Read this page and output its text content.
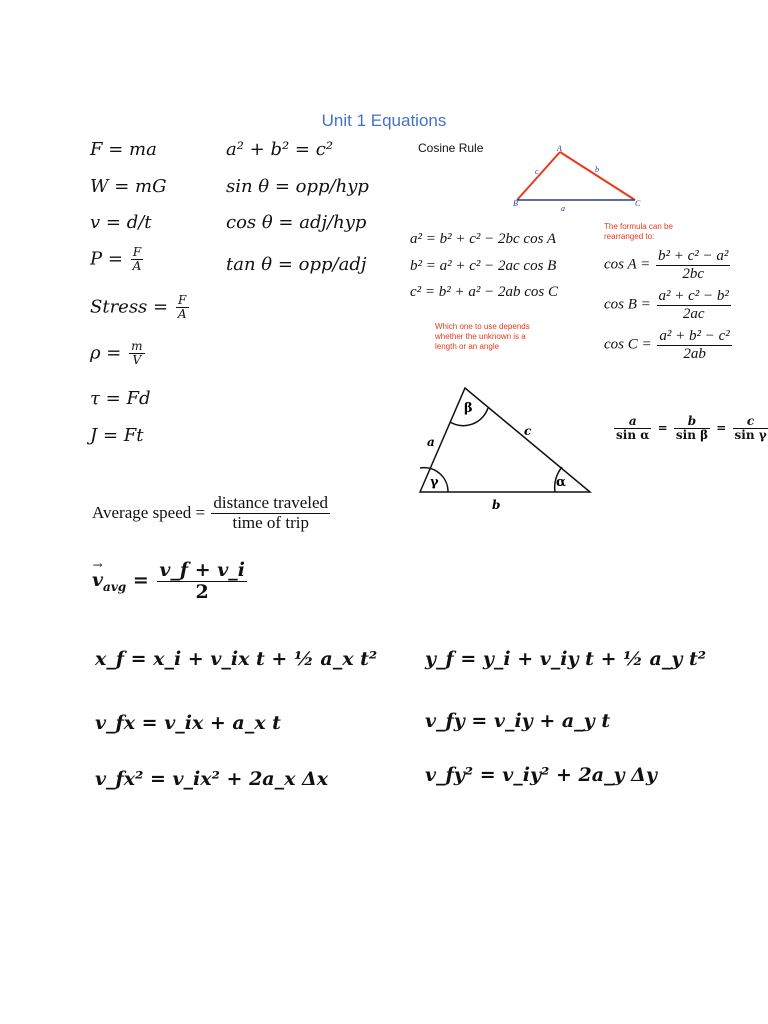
Unit 1 Equations
F = ma
W = mG
v = d/t
$P = \frac{F}{A}$
Stress = $\frac{F}{A}$
$\rho = \frac{m}{V}$
τ = Fd
J = Ft
a² + b² = c²
sin θ = opp/hyp
cos θ = adj/hyp
tan θ = opp/adj
Cosine Rule	A
B	C
c	b
a
a² = b² + c² − 2bc cos A
b² = a² + c² − 2ac cos B
c² = b² + a² − 2ab cos C
The formula can be rearranged to:
Which one to use depends whether the unknown is a length or an angle
$\cos A = \frac{\text{b² + c² − a²}}{2bc}$
$\cos B = \frac{\text{a² + c² − b²}}{2ac}$
$\cos C = \frac{\text{a² + b² − c²}}{2ab}$
β
γ	α
a
c
b
$\frac{a}{\text{sin α}} = \frac{b}{\text{sin β}} = \frac{c}{\text{sin γ}}$
Average speed = $\frac{\text{distance traveled}}{\text{time of trip}}$
→ $v_{avg} = \frac{v\_f + v\_i}{2}$
x_f = x_i + v_ix t + ½ a_x t²	y_f = y_i + v_iy t + ½ a_y t²
v_fx = v_ix + a_x t	v_fy = v_iy + a_y t
v_fx² = v_ix² + 2a_x Δx	v_fy² = v_iy² + 2a_y Δy
